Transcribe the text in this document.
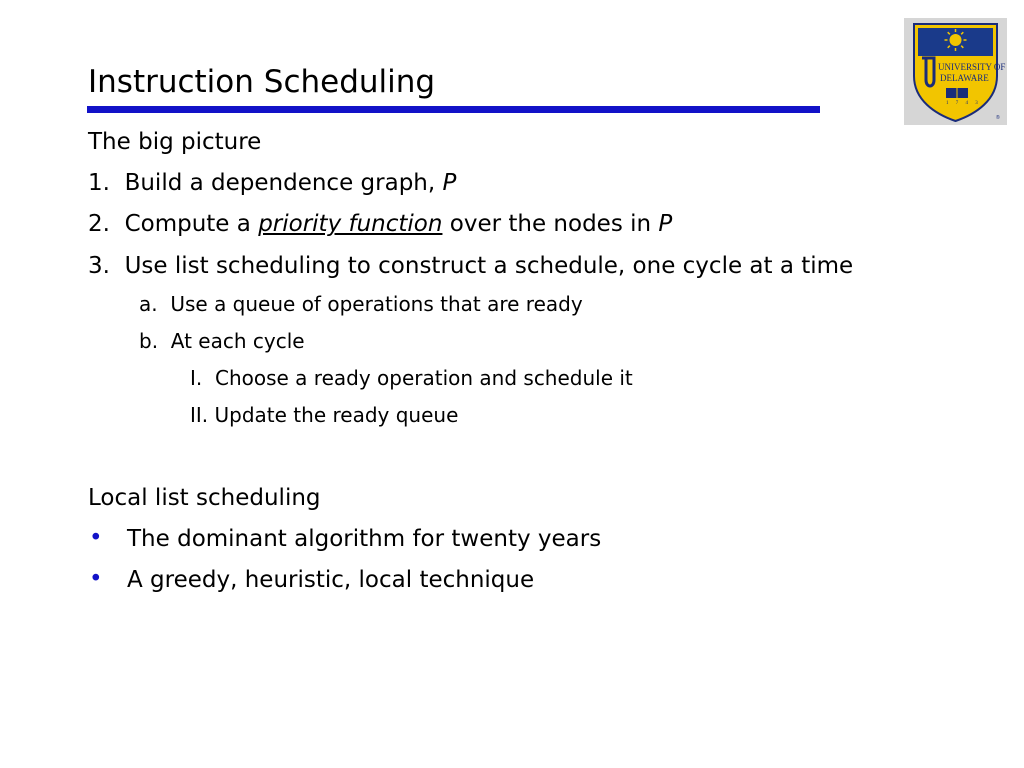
Instruction Scheduling
®
UNIVERSITY OF
DELAWARE
1 7 4 3
The big picture
1. Build a dependence graph, P
2. Compute a priority function over the nodes in P
3. Use list scheduling to construct a schedule, one cycle at a time
a. Use a queue of operations that are ready
b. At each cycle
I. Choose a ready operation and schedule it
II. Update the ready queue
Local list scheduling
• The dominant algorithm for twenty years
• A greedy, heuristic, local technique
